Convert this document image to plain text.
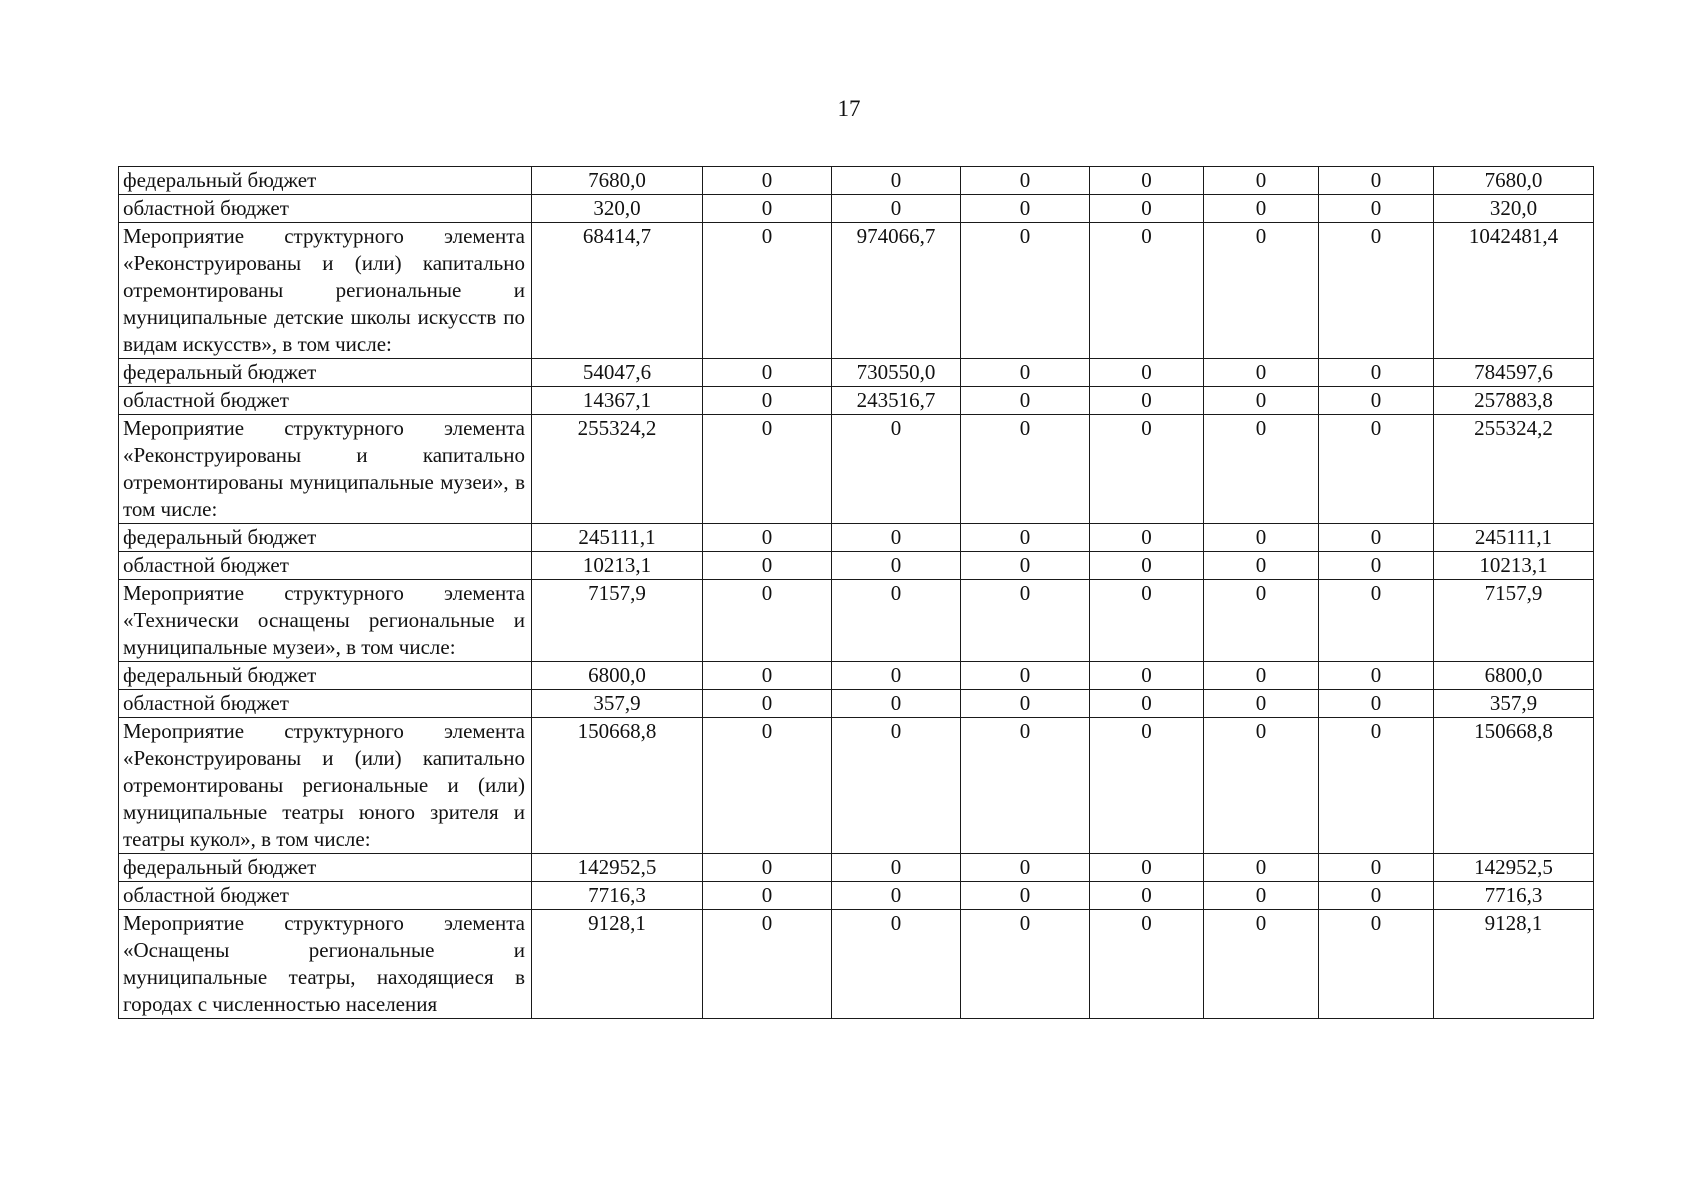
17
федеральный бюджет	7680,0	0	0	0	0	0	0	7680,0

областной бюджет	320,0	0	0	0	0	0	0	320,0

Мероприятие структурного элемента «Реконструированы и (или) капитально отремонтированы региональные и муниципальные детские школы искусств по видам искусств», в том числе:	68414,7	0	974066,7	0	0	0	0	1042481,4

федеральный бюджет	54047,6	0	730550,0	0	0	0	0	784597,6

областной бюджет	14367,1	0	243516,7	0	0	0	0	257883,8

Мероприятие структурного элемента «Реконструированы и капитально отремонтированы муниципальные музеи», в том числе:	255324,2	0	0	0	0	0	0	255324,2

федеральный бюджет	245111,1	0	0	0	0	0	0	245111,1

областной бюджет	10213,1	0	0	0	0	0	0	10213,1

Мероприятие структурного элемента «Технически оснащены региональные и муниципальные музеи», в том числе:	7157,9	0	0	0	0	0	0	7157,9

федеральный бюджет	6800,0	0	0	0	0	0	0	6800,0

областной бюджет	357,9	0	0	0	0	0	0	357,9

Мероприятие структурного элемента «Реконструированы и (или) капитально отремонтированы региональные и (или) муниципальные театры юного зрителя и театры кукол», в том числе:	150668,8	0	0	0	0	0	0	150668,8

федеральный бюджет	142952,5	0	0	0	0	0	0	142952,5

областной бюджет	7716,3	0	0	0	0	0	0	7716,3

Мероприятие структурного элемента «Оснащены региональные и муниципальные театры, находящиеся в городах с численностью населения	9128,1	0	0	0	0	0	0	9128,1
